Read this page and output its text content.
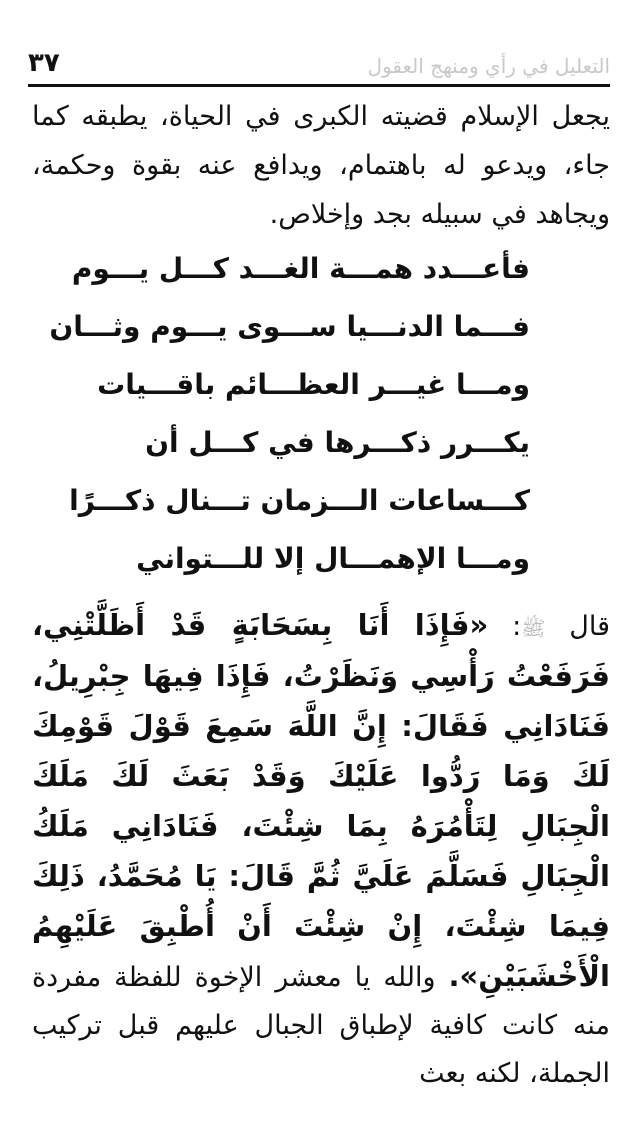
٣٧	التعليل في رأي ومنهج العقول

يجعل الإسلام قضيته الكبرى في الحياة، يطبقه كما جاء، ويدعو له باهتمام، ويدافع عنه بقوة وحكمة، ويجاهد في سبيله بجد وإخلاص.

فأعـــدد همـــة الغـــد كـــل يـــوم

فـــما الدنـــيا ســـوى يـــوم وثـــان

ومـــا غيـــر العظـــائم باقـــيات

يكـــرر ذكـــرها في كـــل أن

كـــساعات الـــزمان تـــنال ذكـــرًا

ومـــا الإهمـــال إلا للـــتواني

قال ﷺ: «فَإِذَا أَنَا بِسَحَابَةٍ قَدْ أَظَلَّتْنِي، فَرَفَعْتُ رَأْسِي وَنَظَرْتُ، فَإِذَا فِيهَا جِبْرِيلُ، فَنَادَانِي فَقَالَ: إِنَّ اللَّهَ سَمِعَ قَوْلَ قَوْمِكَ لَكَ وَمَا رَدُّوا عَلَيْكَ وَقَدْ بَعَثَ لَكَ مَلَكَ الْجِبَالِ لِتَأْمُرَهُ بِمَا شِئْتَ، فَنَادَانِي مَلَكُ الْجِبَالِ فَسَلَّمَ عَلَيَّ ثُمَّ قَالَ: يَا مُحَمَّدُ، ذَلِكَ فِيمَا شِئْتَ، إِنْ شِئْتَ أَنْ أُطْبِقَ عَلَيْهِمُ الْأَخْشَبَيْنِ». والله يا معشر الإخوة للفظة مفردة منه كانت كافية لإطباق الجبال عليهم قبل تركيب الجملة، لكنه بعث
